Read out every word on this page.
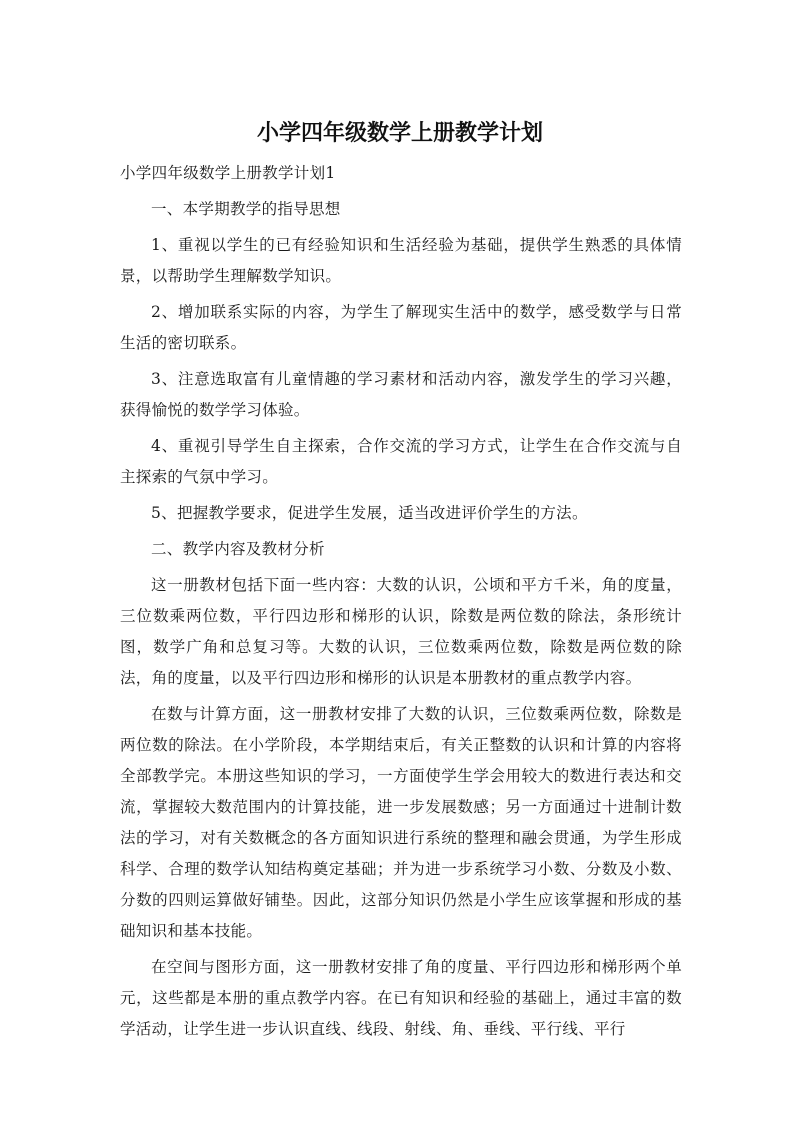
小学四年级数学上册教学计划

小学四年级数学上册教学计划1

一、本学期教学的指导思想

1、重视以学生的已有经验知识和生活经验为基础，提供学生熟悉的具体情景，以帮助学生理解数学知识。

2、增加联系实际的内容，为学生了解现实生活中的数学，感受数学与日常生活的密切联系。

3、注意选取富有儿童情趣的学习素材和活动内容，激发学生的学习兴趣，获得愉悦的数学学习体验。

4、重视引导学生自主探索，合作交流的学习方式，让学生在合作交流与自主探索的气氛中学习。

5、把握教学要求，促进学生发展，适当改进评价学生的方法。

二、教学内容及教材分析

这一册教材包括下面一些内容：大数的认识，公顷和平方千米，角的度量，三位数乘两位数，平行四边形和梯形的认识，除数是两位数的除法，条形统计图，数学广角和总复习等。大数的认识，三位数乘两位数，除数是两位数的除法，角的度量，以及平行四边形和梯形的认识是本册教材的重点教学内容。

在数与计算方面，这一册教材安排了大数的认识，三位数乘两位数，除数是两位数的除法。在小学阶段，本学期结束后，有关正整数的认识和计算的内容将全部教学完。本册这些知识的学习，一方面使学生学会用较大的数进行表达和交流，掌握较大数范围内的计算技能，进一步发展数感；另一方面通过十进制计数法的学习，对有关数概念的各方面知识进行系统的整理和融会贯通，为学生形成科学、合理的数学认知结构奠定基础；并为进一步系统学习小数、分数及小数、分数的四则运算做好铺垫。因此，这部分知识仍然是小学生应该掌握和形成的基础知识和基本技能。

在空间与图形方面，这一册教材安排了角的度量、平行四边形和梯形两个单元，这些都是本册的重点教学内容。在已有知识和经验的基础上，通过丰富的数学活动，让学生进一步认识直线、线段、射线、角、垂线、平行线、平行
